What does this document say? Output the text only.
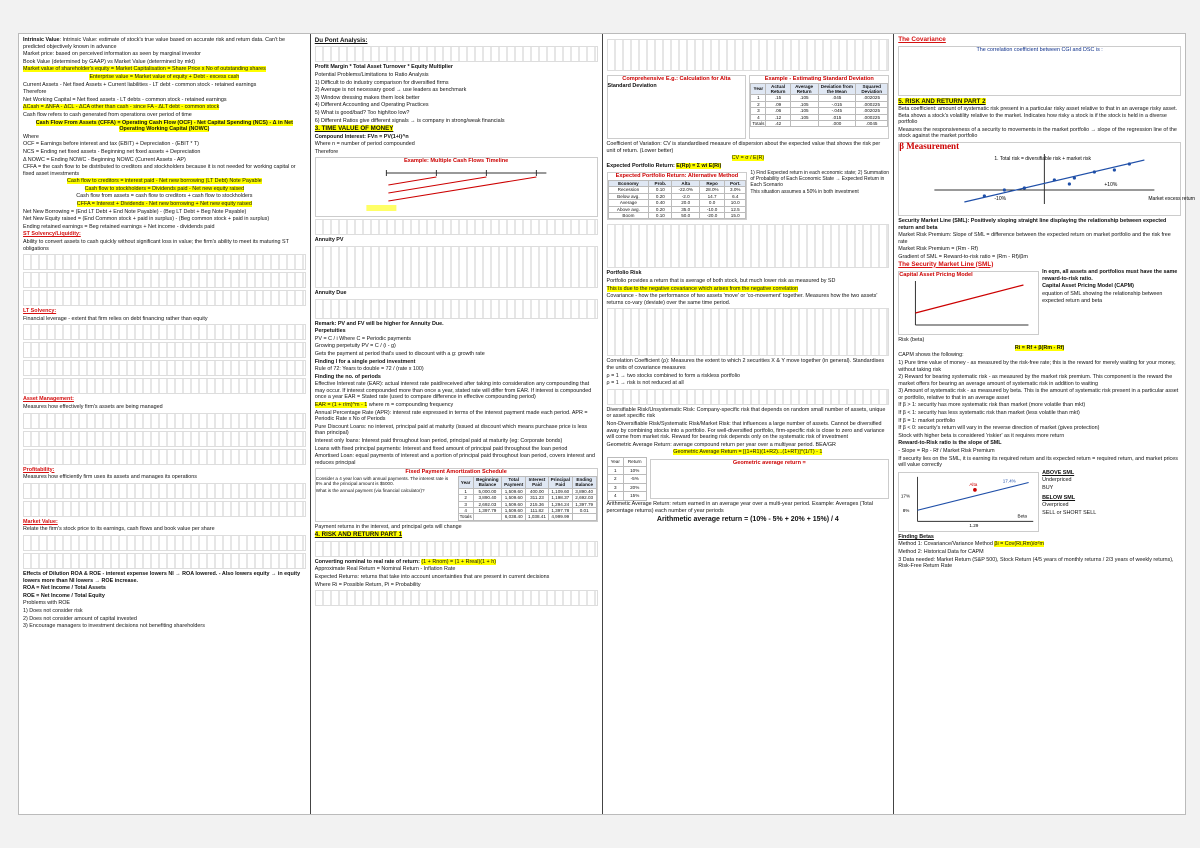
Intrinsic Value: Intrinsic Value: estimate of stock's true value based on accurate risk and return data. Can't be predicted objectively known in advance

Market price: based on perceived information as seen by marginal investor

Book Value (determined by GAAP) vs Market Value (determined by mkt)

Market value of shareholder's equity = Market Capitalisation = Share Price x No of outstanding shares

Enterprise value = Market value of equity + Debt - excess cash

Current Assets - Net fixed Assets + Current liabilities - LT debt - common stock - retained earnings

Therefore

Net Working Capital = Net fixed assets - LT debts - common stock - retained earnings

ΔCash = ΔNFA - ΔCL - ΔCA other than cash - since FA - ΔLT debt - common stock

Cash flow refers to cash generated from operations over period of time

Cash Flow From Assets (CFFA) = Operating Cash Flow (OCF) - Net Capital Spending (NCS) - Δ in Net Operating Working Capital (NOWC)

Where

OCF = Earnings before interest and tax (EBIT) + Depreciation - (EBIT * T)

NCS = Ending net fixed assets - Beginning net fixed assets + Depreciation

Δ NOWC = Ending NOWC - Beginning NOWC (Current Assets - AP)

CFFA = the cash flow to be distributed to creditors and stockholders because it is not needed for working capital or fixed asset investments

Cash flow to creditors = interest paid - Net new borrowing (LT Debt) Note Payable

Cash flow to stockholders = Dividends paid - Net new equity raised

Cash flow from assets = cash flow to creditors + cash flow to stockholders

CFFA = Interest + Dividends - Net new borrowing + Net new equity raised

Net New Borrowing = (End LT Debt + End Note Payable) - (Beg LT Debt + Beg Note Payable)

Net New Equity raised = (End Common stock + paid in surplus) - (Beg common stock + paid in surplus)

Ending retained earnings = Beg retained earnings + Net income - dividends paid

ST Solvency/Liquidity:

Ability to convert assets to cash quickly without significant loss in value; the firm's ability to meet its maturing ST obligations

LT Solvency:

Financial leverage - extent that firm relies on debt financing rather than equity

Asset Management:

Measures how effectively firm's assets are being managed

Profitability:

Measures how efficiently firm uses its assets and manages its operations

Market Value:

Relate the firm's stock price to its earnings, cash flows and book value per share

Effects of Dilution ROA & ROE - interest expense lowers NI → ROA lowered. - Also lowers equity → in equity lowers more than NI lowers → ROE increase.

ROA = Net Income / Total Assets

ROE = Net Income / Total Equity

Problems with ROE

1) Does not consider risk

2) Does not consider amount of capital invested

3) Encourage managers to investment decisions not benefiting shareholders

Du Pont Analysis:

Profit Margin * Total Asset Turnover * Equity Multiplier

Potential Problems/Limitations to Ratio Analysis

1) Difficult to do industry comparison for diversified firms

2) Average is not necessary good → use leaders as benchmark

3) Window dressing makes them look better

4) Different Accounting and Operating Practices

5) What is good/bad? Too high/too low?

6) Different Ratios give different signals → is company in strong/weak financials

3. TIME VALUE OF MONEY

Compound Interest: FVn = PV(1+i)^n

Where n = number of period compounded

Therefore

Example: Multiple Cash Flows Timeline

Annuity PV

Annuity Due

Remark: PV and FV will be higher for Annuity Due.

Perpetuities

PV = C / i Where C = Periodic payments

Growing perpetuity PV = C / (i - g)

Gets the payment at period that's used to discount with a g: growth rate

Finding I for a single period investment

Rule of 72: Years to double = 72 / (rate x 100)

Finding the no. of periods

Effective Interest rate (EAR): actual interest rate paid/received after taking into consideration any compounding that may occur. If interest compounded more than once a year, stated rate will differ from EAR. If interest is compounded once a year EAR = Stated rate (used to compare difference in effective compounding period)

EAR = (1 + r/m)^m - 1 where m = compounding frequency

Annual Percentage Rate (APR): interest rate expressed in terms of the interest payment made each period. APR = Periodic Rate x No of Periods

Pure Discount Loans: no interest, principal paid at maturity (issued at discount which means purchase price is less than principal)

Interest only loans: Interest paid throughout loan period, principal paid at maturity (eg: Corporate bonds)

Loans with fixed principal payments: Interest and fixed amount of principal paid throughout the loan period

Amortised Loan: equal payments of interest and a portion of principal paid throughout loan period, covers interest and reduces principal

Fixed Payment Amortization Schedule

Consider a 4 year loan with annual payments. The interest rate is 8% and the principal amount is $5000.

What is the annual payment (via financial calculator)?

Year	Beginning Balance	Total Payment	Interest Paid	Principal Paid	Ending Balance
1	5,000.00	1,509.60	400.00	1,109.60	3,890.40
2	3,890.40	1,509.60	311.23	1,198.37	2,692.03
3	2,692.03	1,509.60	215.36	1,294.24	1,397.79
4	1,397.79	1,509.60	111.82	1,397.78	0.01
Totals		6,038.40	1,038.41	4,999.99	

Payment returns in the interest, and principal gets will change

4. RISK AND RETURN PART 1

Converting nominal to real rate of return: (1 + Rnom) = (1 + Rreal)(1 + h)

Approximate Real Return = Nominal Return - Inflation Rate

Expected Returns: returns that take into account uncertainties that are present in current decisions

Where Ri = Possible Return, Pi = Probability

Comprehensive E.g.: Calculation for Alta

Standard Deviation

Example - Estimating Standard Deviation
Year	Actual Return	Average Return	Deviation from the Mean	Squared Deviation
1	.15	.105	.045	.002025
2	.09	.105	-.015	.000225
3	.06	.105	-.045	.002025
4	.12	.105	.015	.000225
Totals	.42		.000	.0045

Coefficient of Variation: CV is standardised measure of dispersion about the expected value that shows the risk per unit of return. (Lower better)

CV = σ / E(R)

Expected Portfolio Return: E(Rp) = Σ wi E(Ri)

Expected Portfolio Return: Alternative Method
Economy	Prob.	Alta	Repo	Port.
Recession	0.10	-22.0%	28.0%	3.0%
Below avg.	0.20	-2.0	14.7	6.4
Average	0.40	20.0	0.0	10.0
Above avg.	0.20	35.0	-10.0	12.5
Boom	0.10	50.0	-20.0	15.0

1) Find Expected return in each economic state; 2) Summation of Probability of Each Economic State → Expected Return in Each Scenario

This situation assumes a 50% in both investment

Portfolio Risk

Portfolio provides a return that is average of both stock, but much lower risk as measured by SD

This is due to the negative covariance which arises from the negative correlation

Covariance - how the performance of two assets 'move' or 'co-movement' together. Measures how the two assets' returns co-vary (deviate) over the same time period.

Correlation Coefficient (ρ): Measures the extent to which 2 securities X & Y move together (in general). Standardises the units of covariance measures

ρ = 1 → two stocks combined to form a riskless portfolio

ρ = 1 → risk is not reduced at all

Diversifiable Risk/Unsystematic Risk: Company-specific risk that depends on random small number of assets, unique or asset specific risk

Non-Diversifiable Risk/Systematic Risk/Market Risk: that influences a large number of assets. Cannot be diversified away by combining stocks into a portfolio. For well-diversified portfolio, firm-specific risk is close to zero and variance will come from market risk. Reward for bearing risk depends only on the systematic risk of investment

Geometric Average Return: average compound return per year over a multiyear period. BEA/GR

Geometric Average Return = [(1+R1)(1+R2)...(1+RT)]^(1/T) - 1

Year	Return
1	10%
2	-5%
3	20%
4	15%
Geometric average return =

Arithmetic Average Return: return earned in an average year over a multi-year period. Example: Averages (Total percentage returns) each number of year periods

Arithmetic average return = (10% - 5% + 20% + 15%) / 4

The Covariance

The correlation coefficient between CGI and DSC is :

5. RISK AND RETURN PART 2

Beta coefficient: amount of systematic risk present in a particular risky asset relative to that in an average risky asset. Beta shows a stock's volatility relative to the market. Indicates how risky a stock is if the stock is held in a diverse portfolio

Measures the responsiveness of a security to movements in the market portfolio → slope of the regression line of the stock against the market portfolio

β Measurement
1. Total risk = diversifiable risk + market risk
Market excess return
+10%
-10%

Security Market Line (SML): Positively sloping straight line displaying the relationship between expected return and beta

Market Risk Premium: Slope of SML = difference between the expected return on market portfolio and the risk free rate

Market Risk Premium = (Rm - Rf)

Gradient of SML = Reward-to-risk ratio = (Rm - Rf)/βm

The Security Market Line (SML)

Capital Asset Pricing Model	In eqm, all assets and portfolios must have the same reward-to-risk ratio.

Capital Asset Pricing Model (CAPM)

equation of SML showing the relationship between expected return and beta

Risk (beta)

Ri = Rf + β(Rm - Rf)

CAPM shows the following:

1) Pure time value of money - as measured by the risk-free rate; this is the reward for merely waiting for your money, without taking risk

2) Reward for bearing systematic risk - as measured by the market risk premium. This component is the reward the market offers for bearing an average amount of systematic risk in addition to waiting

3) Amount of systematic risk - as measured by beta. This is the amount of systematic risk present in a particular asset or portfolio, relative to that in an average asset

If β > 1: security has more systematic risk than market (more volatile than mkt)

If β < 1: security has less systematic risk than market (less volatile than mkt)

If β = 1: market portfolio

If β < 0: security's return will vary in the reverse direction of market (gives protection)

Stock with higher beta is considered 'riskier' as it requires more return

Reward-to-Risk ratio is the slope of SML

- Slope = Rp - Rf / Market Risk Premium

If security lies on the SML, it is earning its required return and its expected return = required return, and market prices will value correctly

Alta
17.4%
17%
8%
1.29
Beta

ABOVE SML

Underpriced

BUY

BELOW SML

Overpriced

SELL or SHORT SELL

Finding Betas

Method 1: Covariance/Variance Method βi = Cov(Ri,Rm)/σ²m

Method 2: Historical Data for CAPM

3 Data needed: Market Return (S&P 500), Stock Return (4/5 years of monthly returns / 2/3 years of weekly returns), Risk-Free Return Rate
